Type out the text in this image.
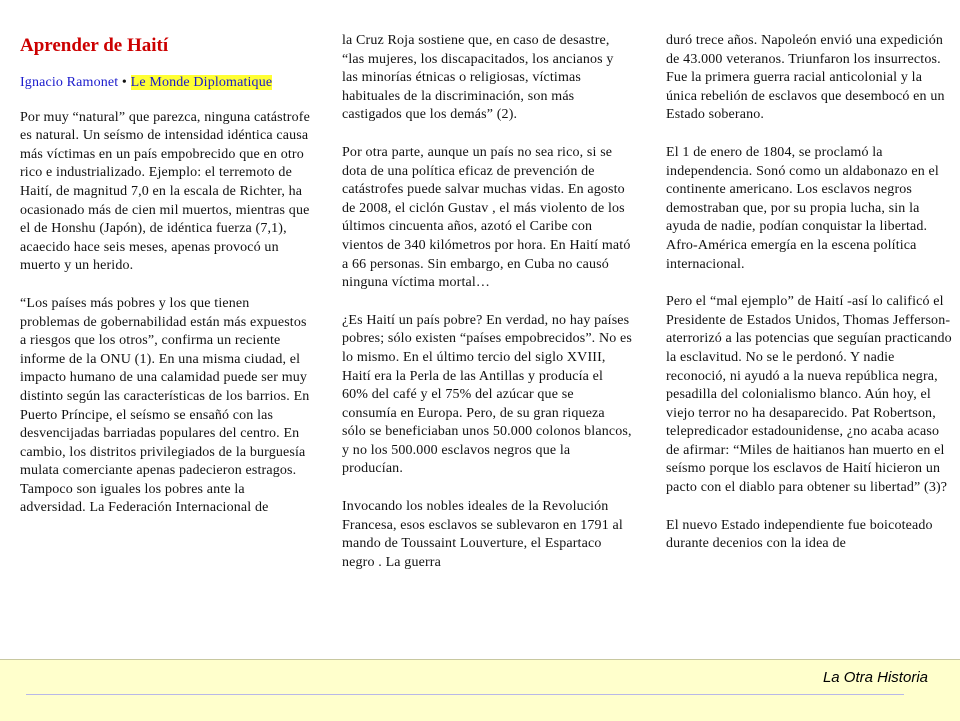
Aprender de Haití
Ignacio Ramonet • Le Monde Diplomatique

Por muy “natural” que parezca, ninguna catástrofe es natural. Un seísmo de intensidad idéntica causa más víctimas en un país empobrecido que en otro rico e industrializado. Ejemplo: el terremoto de Haití, de magnitud 7,0 en la escala de Richter, ha ocasionado más de cien mil muertos, mientras que el de Honshu (Japón), de idéntica fuerza (7,1), acaecido hace seis meses, apenas provocó un muerto y un herido.

“Los países más pobres y los que tienen problemas de gobernabilidad están más expuestos a riesgos que los otros”, confirma un reciente informe de la ONU (1). En una misma ciudad, el impacto humano de una calamidad puede ser muy distinto según las características de los barrios. En Puerto Príncipe, el seísmo se ensañó con las desvencijadas barriadas populares del centro. En cambio, los distritos privilegiados de la burguesía mulata comerciante apenas padecieron estragos.

Tampoco son iguales los pobres ante la adversidad. La Federación Internacional de

la Cruz Roja sostiene que, en caso de desastre, “las mujeres, los discapacitados, los ancianos y las minorías étnicas o religiosas, víctimas habituales de la discriminación, son más castigados que los demás” (2).

Por otra parte, aunque un país no sea rico, si se dota de una política eficaz de prevención de catástrofes puede salvar muchas vidas. En agosto de 2008, el ciclón Gustav , el más violento de los últimos cincuenta años, azotó el Caribe con vientos de 340 kilómetros por hora. En Haití mató a 66 personas. Sin embargo, en Cuba no causó ninguna víctima mortal…

¿Es Haití un país pobre? En verdad, no hay países pobres; sólo existen “países empobrecidos”. No es lo mismo. En el último tercio del siglo XVIII, Haití era la Perla de las Antillas y producía el 60% del café y el 75% del azúcar que se consumía en Europa. Pero, de su gran riqueza sólo se beneficiaban unos 50.000 colonos blancos, y no los 500.000 esclavos negros que la producían.

Invocando los nobles ideales de la Revolución Francesa, esos esclavos se sublevaron en 1791 al mando de Toussaint Louverture, el Espartaco negro . La guerra

duró trece años. Napoleón envió una expedición de 43.000 veteranos. Triunfaron los insurrectos. Fue la primera guerra racial anticolonial y la única rebelión de esclavos que desembocó en un Estado soberano.

El 1 de enero de 1804, se proclamó la independencia. Sonó como un aldabonazo en el continente americano. Los esclavos negros demostraban que, por su propia lucha, sin la ayuda de nadie, podían conquistar la libertad. Afro-América emergía en la escena política internacional.

Pero el “mal ejemplo” de Haití -así lo calificó el Presidente de Estados Unidos, Thomas Jefferson- aterrorizó a las potencias que seguían practicando la esclavitud. No se le perdonó. Y nadie reconoció, ni ayudó a la nueva república negra, pesadilla del colonialismo blanco. Aún hoy, el viejo terror no ha desaparecido. Pat Robertson, telepredicador estadounidense, ¿no acaba acaso de afirmar: “Miles de haitianos han muerto en el seísmo porque los esclavos de Haití hicieron un pacto con el diablo para obtener su libertad” (3)?

El nuevo Estado independiente fue boicoteado durante decenios con la idea de

La Otra Historia
